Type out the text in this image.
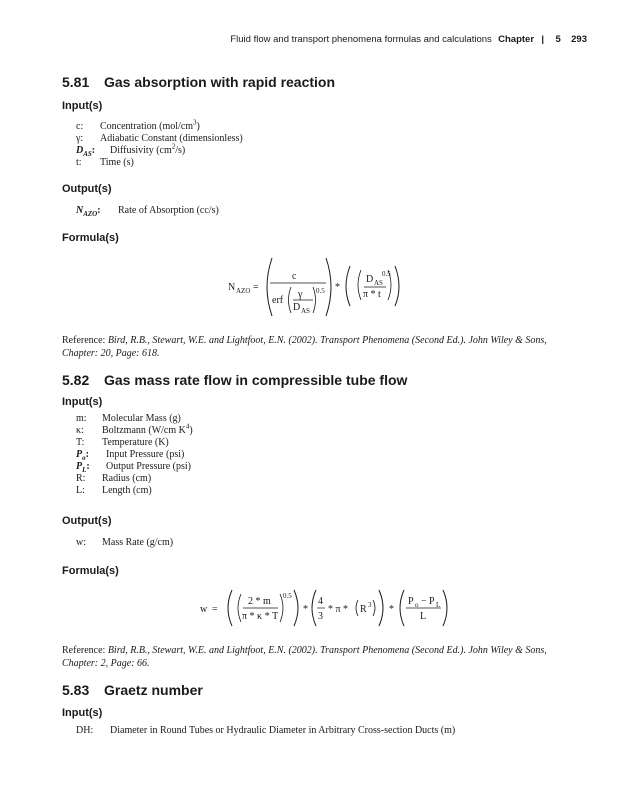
Fluid flow and transport phenomena formulas and calculations Chapter | 5 293
5.81 Gas absorption with rapid reaction
Input(s)
c: Concentration $(mol/cm^3)$
γ: Adiabatic Constant (dimensionless)
$D_{AS}$: Diffusivity $(cm^2/s)$
t: Time (s)
Output(s)
$N_{AZO}$: Rate of Absorption (cc/s)
Formula(s)
N AZO =
c
erf
γ
D AS
0.5 *
D AS
π * t
0.5
Reference: Bird, R.B., Stewart, W.E. and Lightfoot, E.N. (2002). Transport Phenomena (Second Ed.). John Wiley & Sons, Chapter: 20, Page: 618.
5.82 Gas mass rate flow in compressible tube flow
Input(s)
m: Molecular Mass (g)
κ: Boltzmann (W/cm $K^4$)
T: Temperature (K)
$P_o$: Input Pressure (psi)
$P_L$: Output Pressure (psi)
R: Radius (cm)
L: Length (cm)
Output(s)
w: Mass Rate (g/cm)
Formula(s)
w =
2 * m
π * κ * T
0.5
*
4
3
* π * R 3 *
P o − P L
L
Reference: Bird, R.B., Stewart, W.E. and Lightfoot, E.N. (2002). Transport Phenomena (Second Ed.). John Wiley & Sons, Chapter: 2, Page: 66.
5.83 Graetz number
Input(s)
DH: Diameter in Round Tubes or Hydraulic Diameter in Arbitrary Cross-section Ducts (m)
